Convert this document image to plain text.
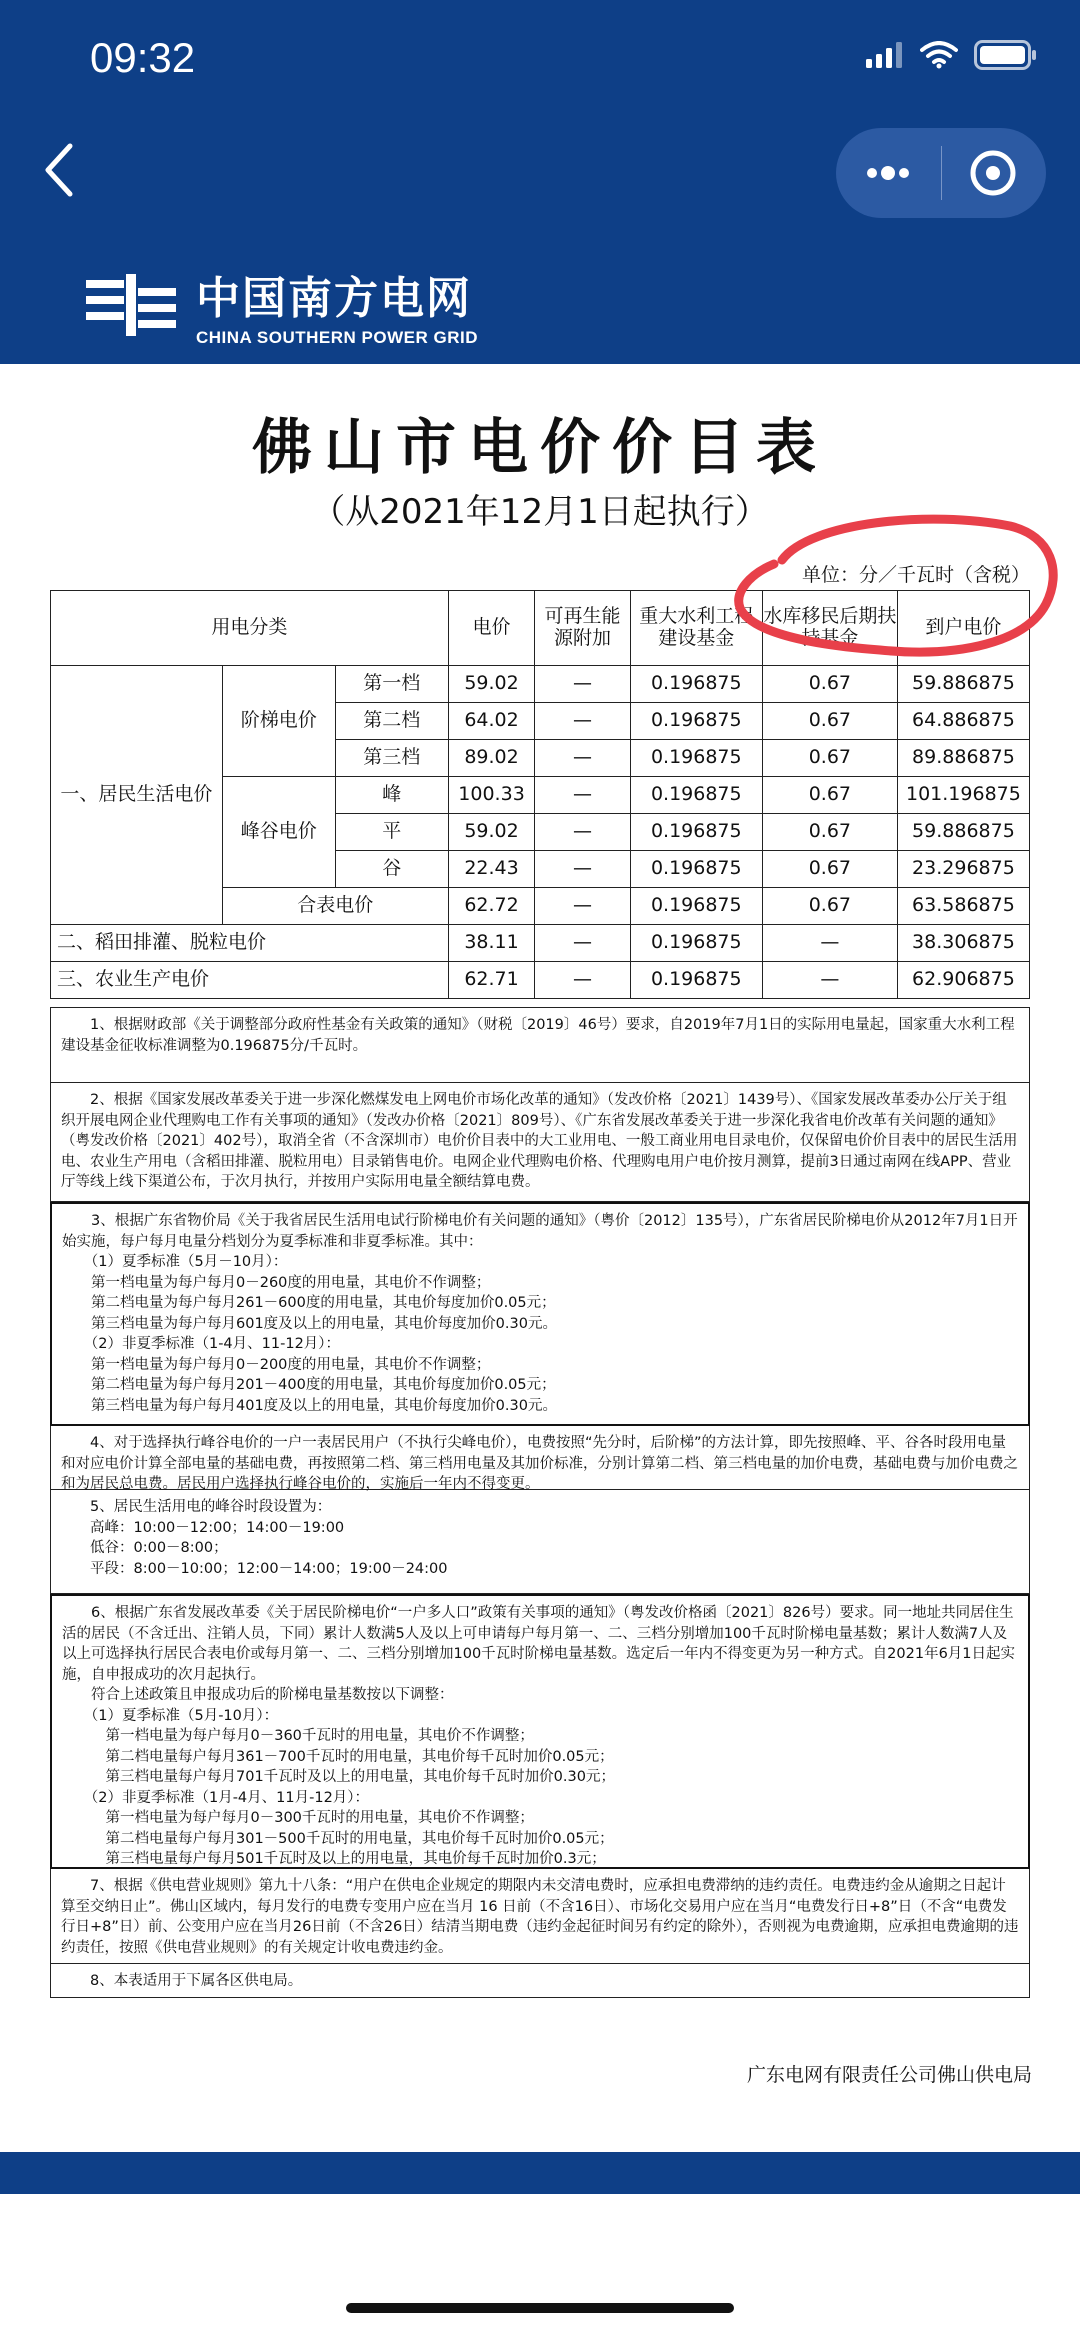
09:32
中国南方电网
CHINA SOUTHERN POWER GRID
佛山市电价价目表
（从2021年12月1日起执行）
单位：分／千瓦时（含税）
用电分类			电价	可再生能源附加	重大水利工程建设基金	水库移民后期扶持基金	到户电价
一、居民生活电价	阶梯电价	第一档	59.02	—	0.196875	0.67	59.886875
		第二档	64.02	—	0.196875	0.67	64.886875
		第三档	89.02	—	0.196875	0.67	89.886875
	峰谷电价	峰	100.33	—	0.196875	0.67	101.196875
		平	59.02	—	0.196875	0.67	59.886875
		谷	22.43	—	0.196875	0.67	23.296875
	合表电价		62.72	—	0.196875	0.67	63.586875
二、稻田排灌、脱粒电价			38.11	—	0.196875	—	38.306875
三、农业生产电价			62.71	—	0.196875	—	62.906875
　　1、根据财政部《关于调整部分政府性基金有关政策的通知》（财税〔2019〕46号）要求，自2019年7月1日的实际用电量起，国家重大水利工程建设基金征收标准调整为0.196875分/千瓦时。
　　2、根据《国家发展改革委关于进一步深化燃煤发电上网电价市场化改革的通知》（发改价格〔2021〕1439号）、《国家发展改革委办公厅关于组织开展电网企业代理购电工作有关事项的通知》（发改办价格〔2021〕809号）、《广东省发展改革委关于进一步深化我省电价改革有关问题的通知》（粤发改价格〔2021〕402号），取消全省（不含深圳市）电价价目表中的大工业用电、一般工商业用电目录电价，仅保留电价价目表中的居民生活用电、农业生产用电（含稻田排灌、脱粒用电）目录销售电价。电网企业代理购电价格、代理购电用户电价按月测算，提前3日通过南网在线APP、营业厅等线上线下渠道公布，于次月执行，并按用户实际用电量全额结算电费。
　　3、根据广东省物价局《关于我省居民生活用电试行阶梯电价有关问题的通知》（粤价〔2012〕135号），广东省居民阶梯电价从2012年7月1日开始实施，每户每月电量分档划分为夏季标准和非夏季标准。其中：
　　（1）夏季标准（5月－10月）：
　　第一档电量为每户每月0－260度的用电量，其电价不作调整；
　　第二档电量为每户每月261－600度的用电量，其电价每度加价0.05元；
　　第三档电量为每户每月601度及以上的用电量，其电价每度加价0.30元。
　　（2）非夏季标准（1-4月、11-12月）：
　　第一档电量为每户每月0－200度的用电量，其电价不作调整；
　　第二档电量为每户每月201－400度的用电量，其电价每度加价0.05元；
　　第三档电量为每户每月401度及以上的用电量，其电价每度加价0.30元。
　　4、对于选择执行峰谷电价的一户一表居民用户（不执行尖峰电价），电费按照“先分时，后阶梯”的方法计算，即先按照峰、平、谷各时段用电量和对应电价计算全部电量的基础电费，再按照第二档、第三档用电量及其加价标准，分别计算第二档、第三档电量的加价电费，基础电费与加价电费之和为居民总电费。居民用户选择执行峰谷电价的，实施后一年内不得变更。
　　5、居民生活用电的峰谷时段设置为：
　　高峰：10:00－12:00；14:00－19:00
　　低谷：0:00－8:00；
　　平段：8:00－10:00；12:00－14:00；19:00－24:00
　　6、根据广东省发展改革委《关于居民阶梯电价“一户多人口”政策有关事项的通知》（粤发改价格函〔2021〕826号）要求。同一地址共同居住生活的居民（不含迁出、注销人员，下同）累计人数满5人及以上可申请每户每月第一、二、三档分别增加100千瓦时阶梯电量基数；累计人数满7人及以上可选择执行居民合表电价或每月第一、二、三档分别增加100千瓦时阶梯电量基数。选定后一年内不得变更为另一种方式。自2021年6月1日起实施，自申报成功的次月起执行。
　　符合上述政策且申报成功后的阶梯电量基数按以下调整：
　　（1）夏季标准（5月-10月）：
　　　第一档电量为每户每月0－360千瓦时的用电量，其电价不作调整；
　　　第二档电量每户每月361－700千瓦时的用电量，其电价每千瓦时加价0.05元；
　　　第三档电量每户每月701千瓦时及以上的用电量，其电价每千瓦时加价0.30元；
　　（2）非夏季标准（1月-4月、11月-12月）：
　　　第一档电量为每户每月0－300千瓦时的用电量，其电价不作调整；
　　　第二档电量每户每月301－500千瓦时的用电量，其电价每千瓦时加价0.05元；
　　　第三档电量每户每月501千瓦时及以上的用电量，其电价每千瓦时加价0.3元；
　　7、根据《供电营业规则》第九十八条：“用户在供电企业规定的期限内未交清电费时，应承担电费滞纳的违约责任。电费违约金从逾期之日起计算至交纳日止”。佛山区域内，每月发行的电费专变用户应在当月 16 日前（不含16日）、市场化交易用户应在当月“电费发行日+8”日（不含“电费发行日+8”日）前、公变用户应在当月26日前（不含26日）结清当期电费（违约金起征时间另有约定的除外），否则视为电费逾期，应承担电费逾期的违约责任，按照《供电营业规则》的有关规定计收电费违约金。
　　8、本表适用于下属各区供电局。
广东电网有限责任公司佛山供电局
